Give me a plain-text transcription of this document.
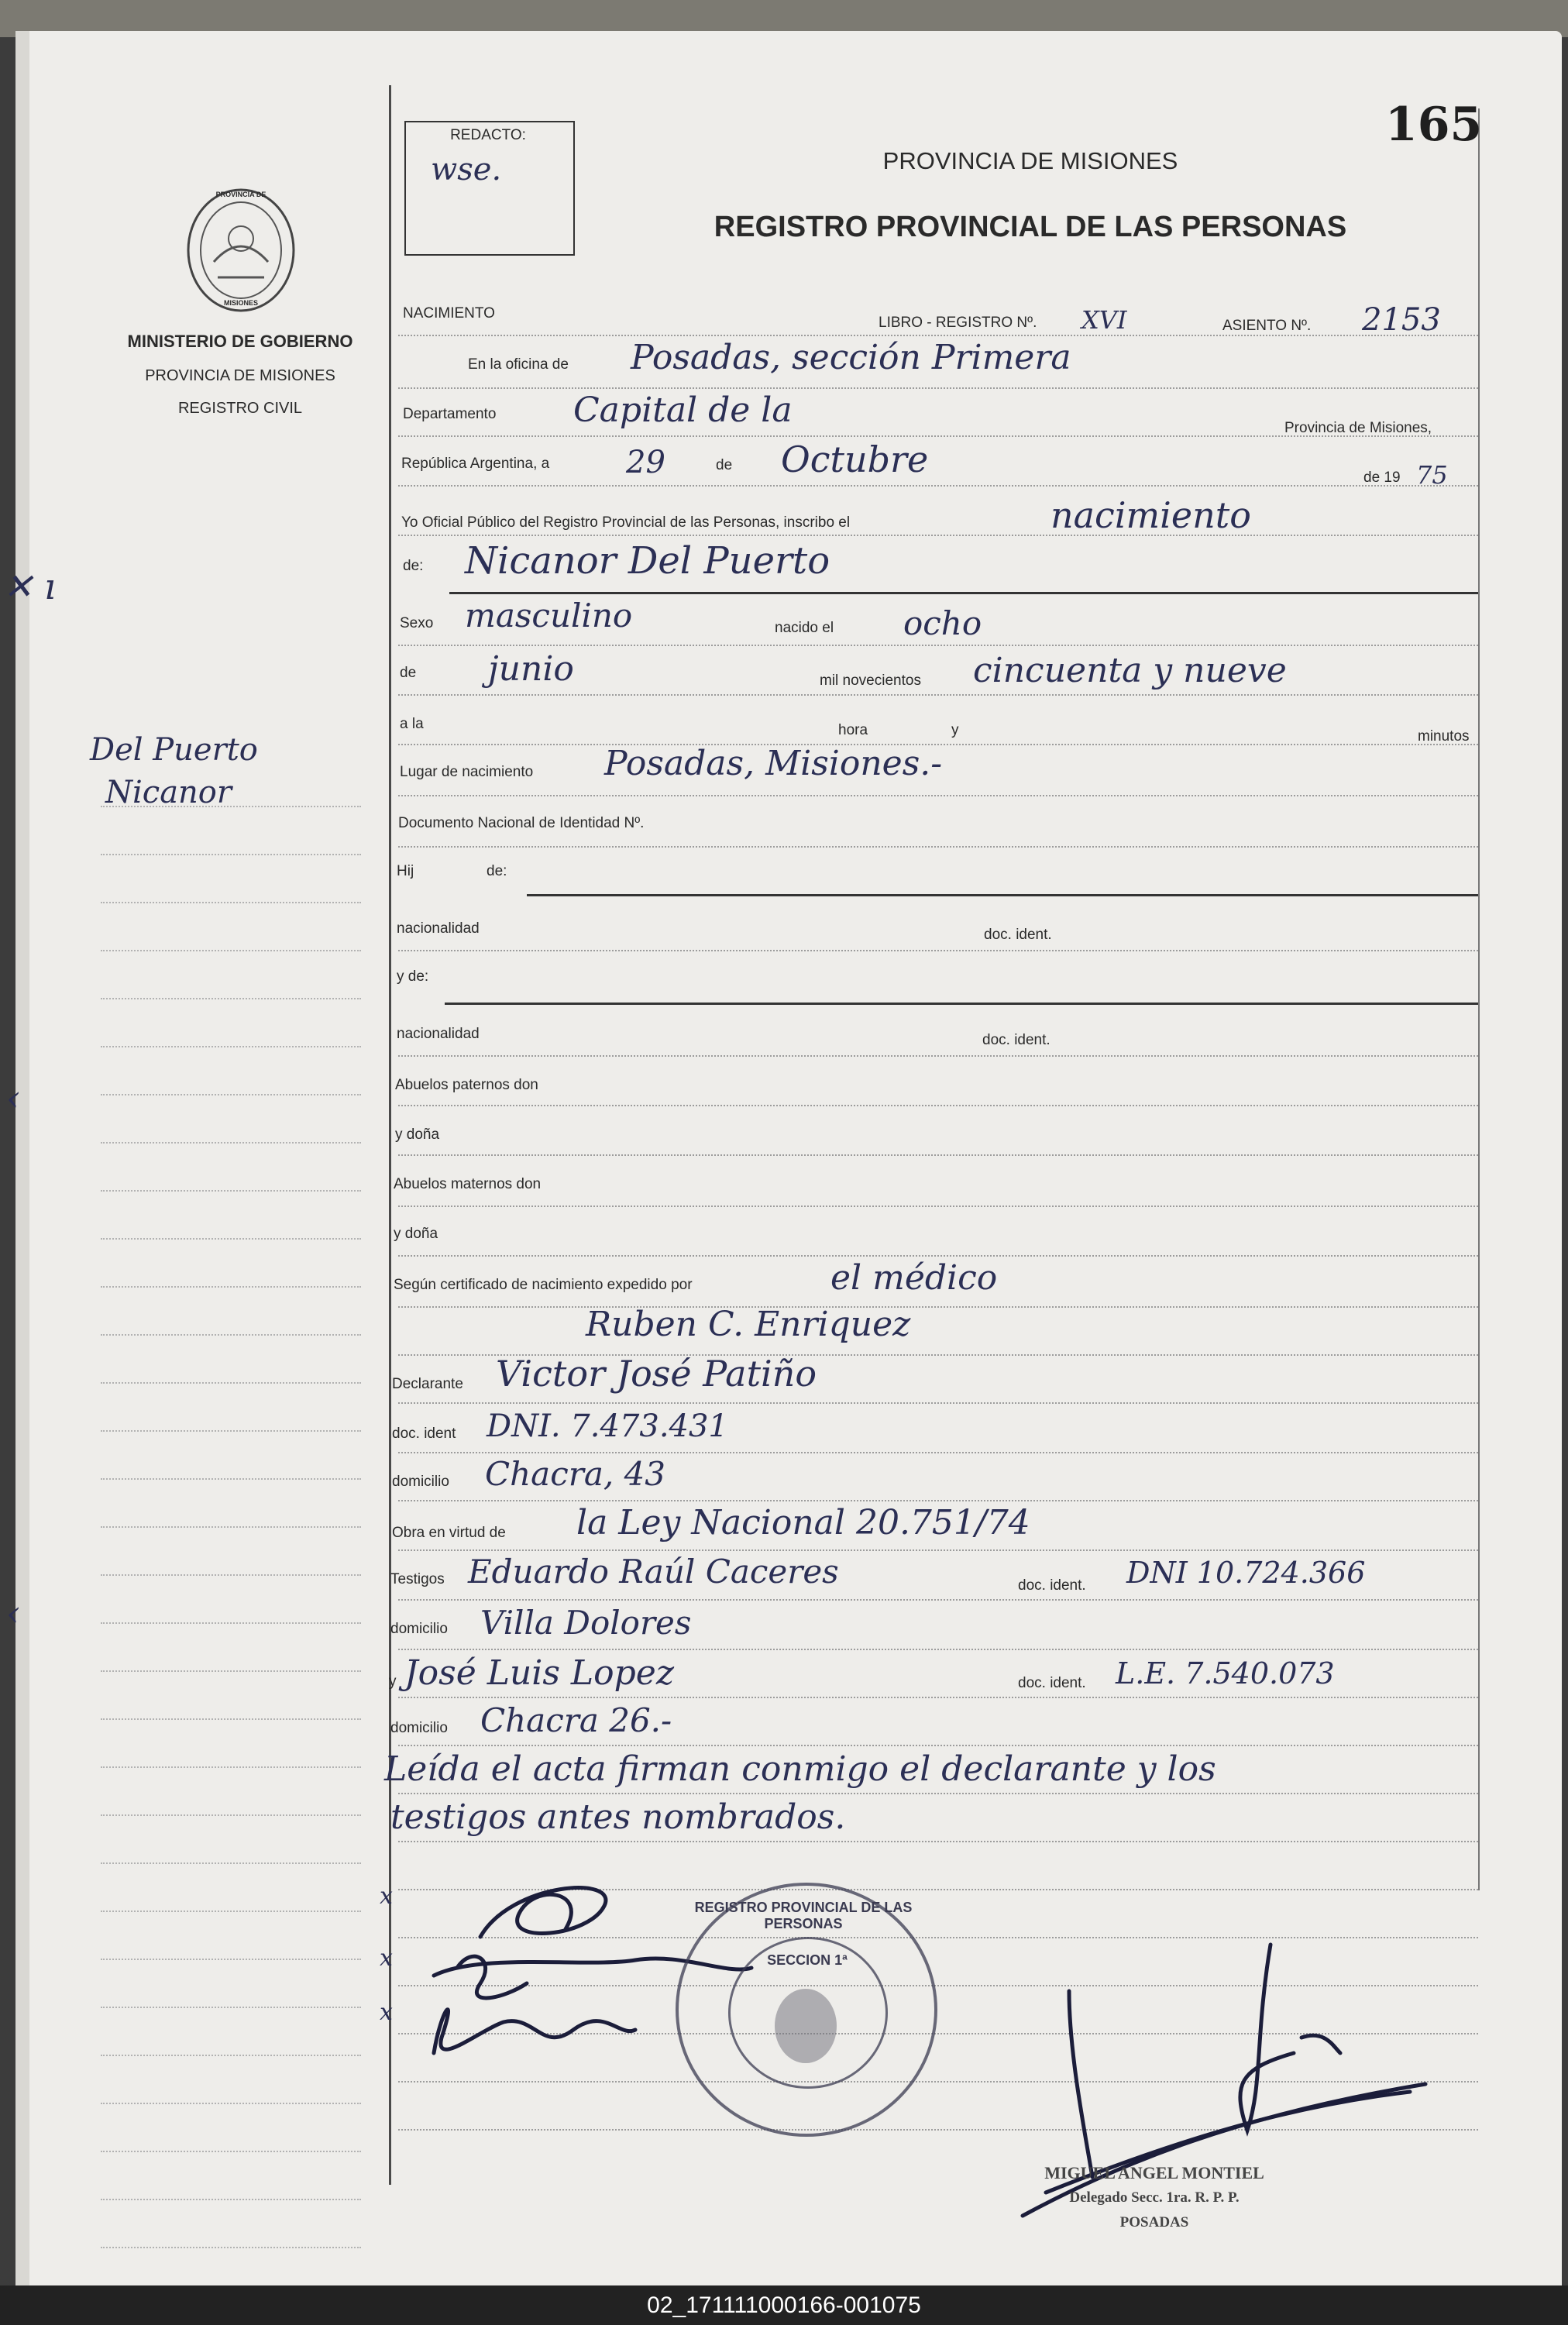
✕ ı
‹
‹
PROVINCIA DE
MISIONES
MINISTERIO DE GOBIERNO
PROVINCIA DE MISIONES
REGISTRO CIVIL
Del Puerto
Nicanor
REDACTO:
wse.
165
PROVINCIA DE MISIONES
REGISTRO PROVINCIAL DE LAS PERSONAS
NACIMIENTO
LIBRO - REGISTRO Nº. XVI	ASIENTO Nº. 2153
En la oficina de Posadas, sección Primera
Departamento Capital de la	Provincia de Misiones,
República Argentina, a 29	de Octubre	de 19 75
Yo Oficial Público del Registro Provincial de las Personas, inscribo el	nacimiento
de: Nicanor Del Puerto
Sexo masculino	nacido el ocho
de junio	mil novecientos cincuenta y nueve
a la	hora	y	minutos
Lugar de nacimiento Posadas, Misiones.-
Documento Nacional de Identidad Nº.
Hij	de:
nacionalidad	doc. ident.
y de:
nacionalidad	doc. ident.
Abuelos paternos don
y doña
Abuelos maternos don
y doña
Según certificado de nacimiento expedido por	el médico
Ruben C. Enriquez
Declarante Victor José Patiño
doc. ident DNI. 7.473.431
domicilio Chacra, 43
Obra en virtud de la Ley Nacional 20.751/74
Testigos Eduardo Raúl Caceres	doc. ident. DNI 10.724.366
domicilio Villa Dolores
y José Luis Lopez	doc. ident. L.E. 7.540.073
domicilio Chacra 26.-
Leída el acta firman conmigo el declarante y los
testigos antes nombrados.
x
x
x
REGISTRO PROVINCIAL DE LAS PERSONAS
SECCION 1ª
MIGUEL ANGEL MONTIEL
Delegado Secc. 1ra. R. P. P.
POSADAS
02_171111000166-001075
